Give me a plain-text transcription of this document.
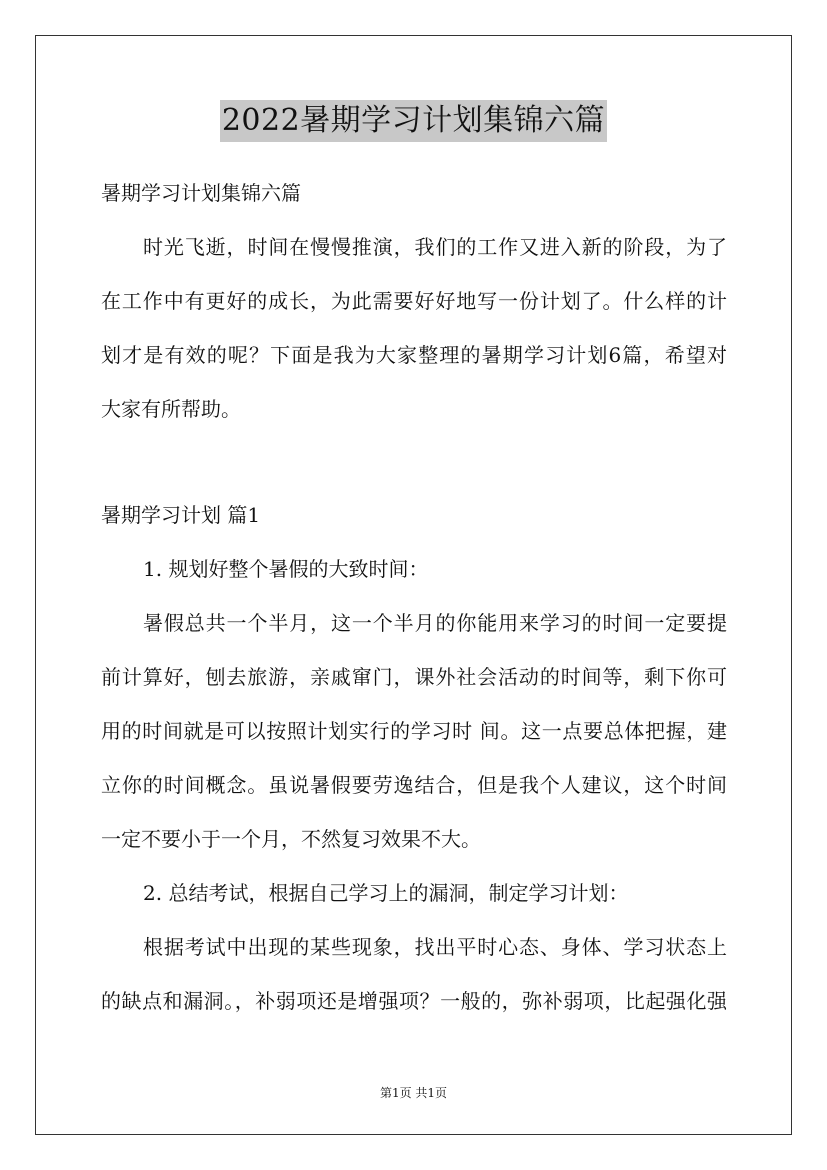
2022暑期学习计划集锦六篇
暑期学习计划集锦六篇
时光飞逝，时间在慢慢推演，我们的工作又进入新的阶段，为了
在工作中有更好的成长，为此需要好好地写一份计划了。什么样的计
划才是有效的呢？下面是我为大家整理的暑期学习计划6篇，希望对
大家有所帮助。
暑期学习计划 篇1
1. 规划好整个暑假的大致时间：
暑假总共一个半月，这一个半月的你能用来学习的时间一定要提
前计算好，刨去旅游，亲戚窜门，课外社会活动的时间等，剩下你可
用的时间就是可以按照计划实行的学习时 间。这一点要总体把握，建
立你的时间概念。虽说暑假要劳逸结合，但是我个人建议，这个时间
一定不要小于一个月，不然复习效果不大。
2. 总结考试，根据自己学习上的漏洞，制定学习计划：
根据考试中出现的某些现象，找出平时心态、身体、学习状态上
的缺点和漏洞。，补弱项还是增强项？一般的，弥补弱项，比起强化强
第1页 共1页
